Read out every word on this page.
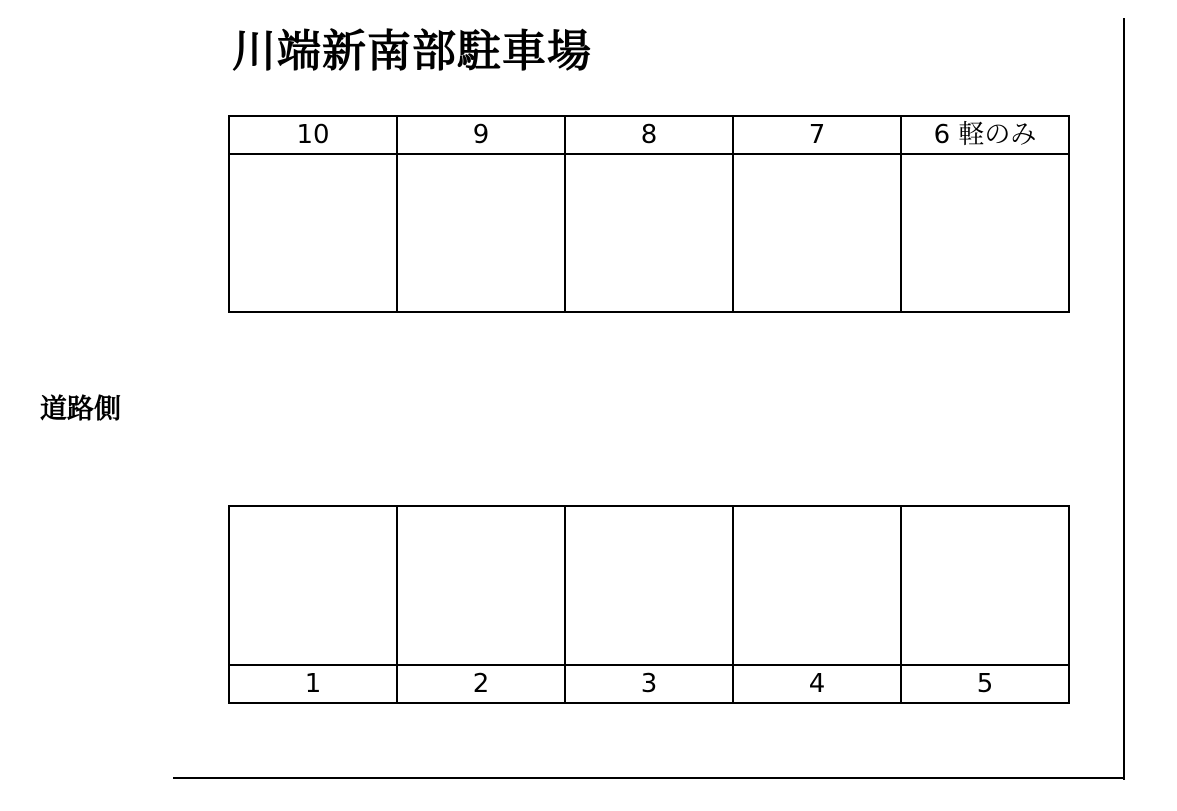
川端新南部駐車場
道路側
10	9	8	7	6 軽のみ
1	2	3	4	5
